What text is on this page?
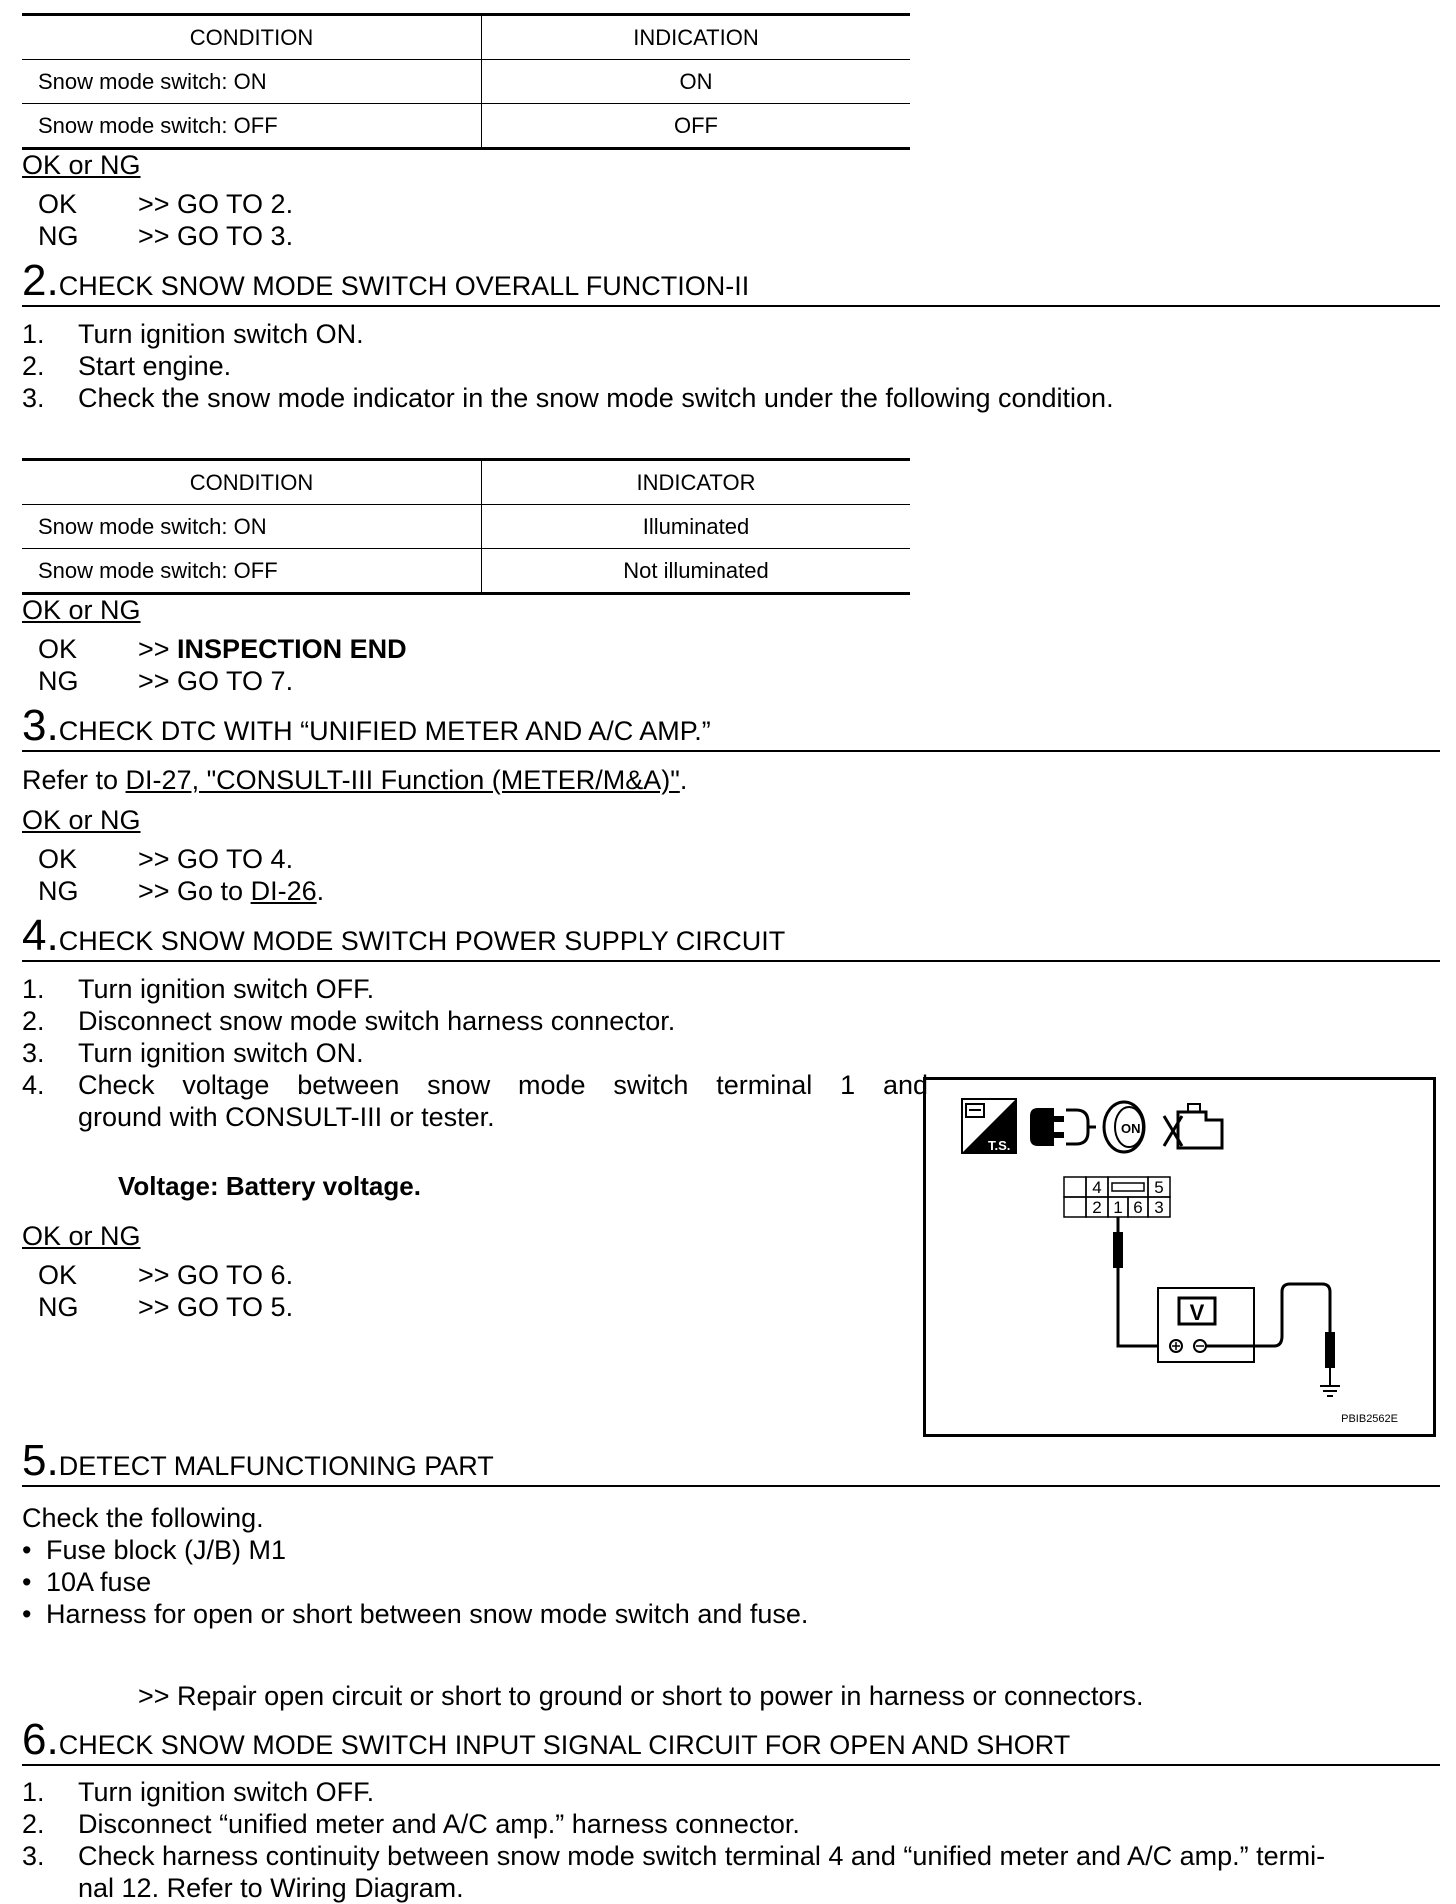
CONDITION	INDICATION
Snow mode switch: ON	ON
Snow mode switch: OFF	OFF
OK or NG
OK >> GO TO 2.
NG >> GO TO 3.
2.CHECK SNOW MODE SWITCH OVERALL FUNCTION-II
1. Turn ignition switch ON.
2. Start engine.
3. Check the snow mode indicator in the snow mode switch under the following condition.
CONDITION	INDICATOR
Snow mode switch: ON	Illuminated
Snow mode switch: OFF	Not illuminated
OK or NG
OK >> INSPECTION END
NG >> GO TO 7.
3.CHECK DTC WITH “UNIFIED METER AND A/C AMP.”
Refer to DI-27, "CONSULT-III Function (METER/M&A)".
OK or NG
OK >> GO TO 4.
NG >> Go to DI-26.
4.CHECK SNOW MODE SWITCH POWER SUPPLY CIRCUIT
1. Turn ignition switch OFF.
2. Disconnect snow mode switch harness connector.
3. Turn ignition switch ON.
4. Check voltage between snow mode switch terminal 1 and
ground with CONSULT-III or tester.
Voltage: Battery voltage.
OK or NG
OK >> GO TO 6.
NG >> GO TO 5.
T.S.
ON
4	5
2 1 6 3
V
PBIB2562E
5.DETECT MALFUNCTIONING PART
Check the following.
• Fuse block (J/B) M1
• 10A fuse
• Harness for open or short between snow mode switch and fuse.
>> Repair open circuit or short to ground or short to power in harness or connectors.
6.CHECK SNOW MODE SWITCH INPUT SIGNAL CIRCUIT FOR OPEN AND SHORT
1. Turn ignition switch OFF.
2. Disconnect “unified meter and A/C amp.” harness connector.
3. Check harness continuity between snow mode switch terminal 4 and “unified meter and A/C amp.” termi-
nal 12. Refer to Wiring Diagram.
